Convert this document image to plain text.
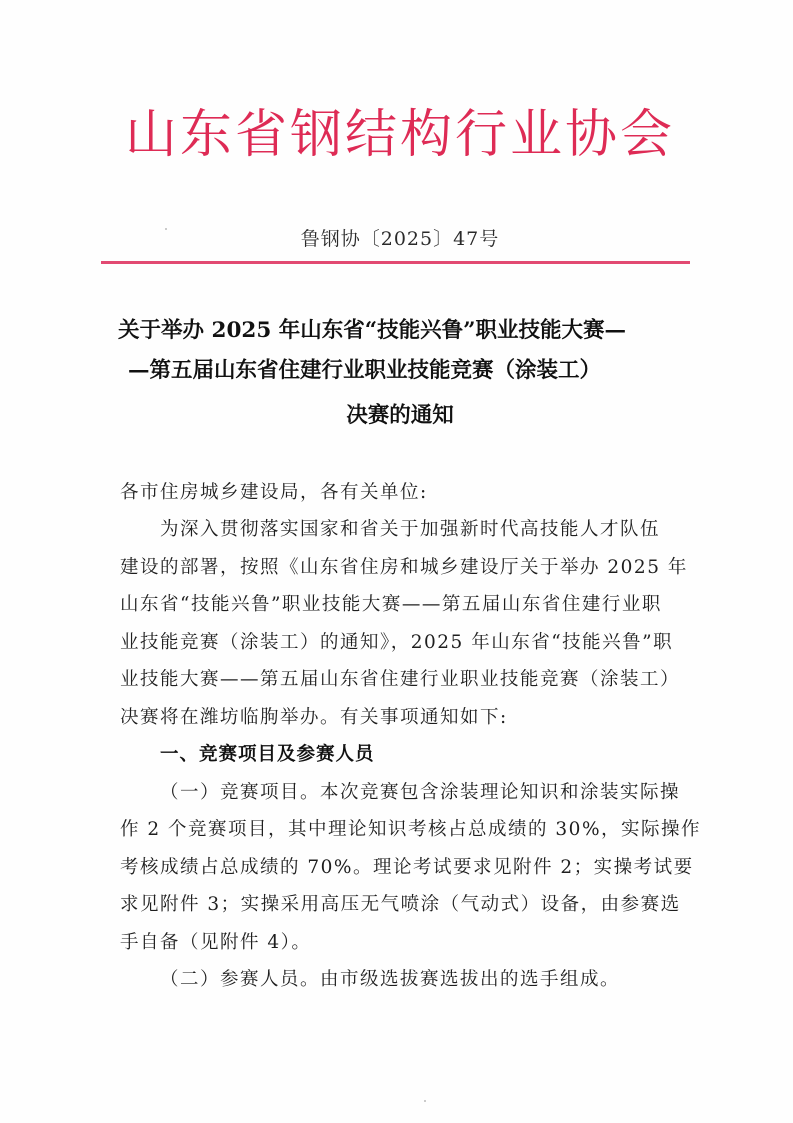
山东省钢结构行业协会
鲁钢协〔2025〕47号
关于举办 2025 年山东省“技能兴鲁”职业技能大赛—
—第五届山东省住建行业职业技能竞赛（涂装工）
决赛的通知
各市住房城乡建设局，各有关单位:
为深入贯彻落实国家和省关于加强新时代高技能人才队伍
建设的部署，按照《山东省住房和城乡建设厅关于举办 2025 年
山东省“技能兴鲁”职业技能大赛——第五届山东省住建行业职
业技能竞赛（涂装工）的通知》，2025 年山东省“技能兴鲁”职
业技能大赛——第五届山东省住建行业职业技能竞赛（涂装工）
决赛将在潍坊临朐举办。有关事项通知如下:
一、竞赛项目及参赛人员
（一）竞赛项目。本次竞赛包含涂装理论知识和涂装实际操
作 2 个竞赛项目，其中理论知识考核占总成绩的 30%，实际操作
考核成绩占总成绩的 70%。理论考试要求见附件 2；实操考试要
求见附件 3；实操采用高压无气喷涂（气动式）设备，由参赛选
手自备（见附件 4）。
（二）参赛人员。由市级选拔赛选拔出的选手组成。
